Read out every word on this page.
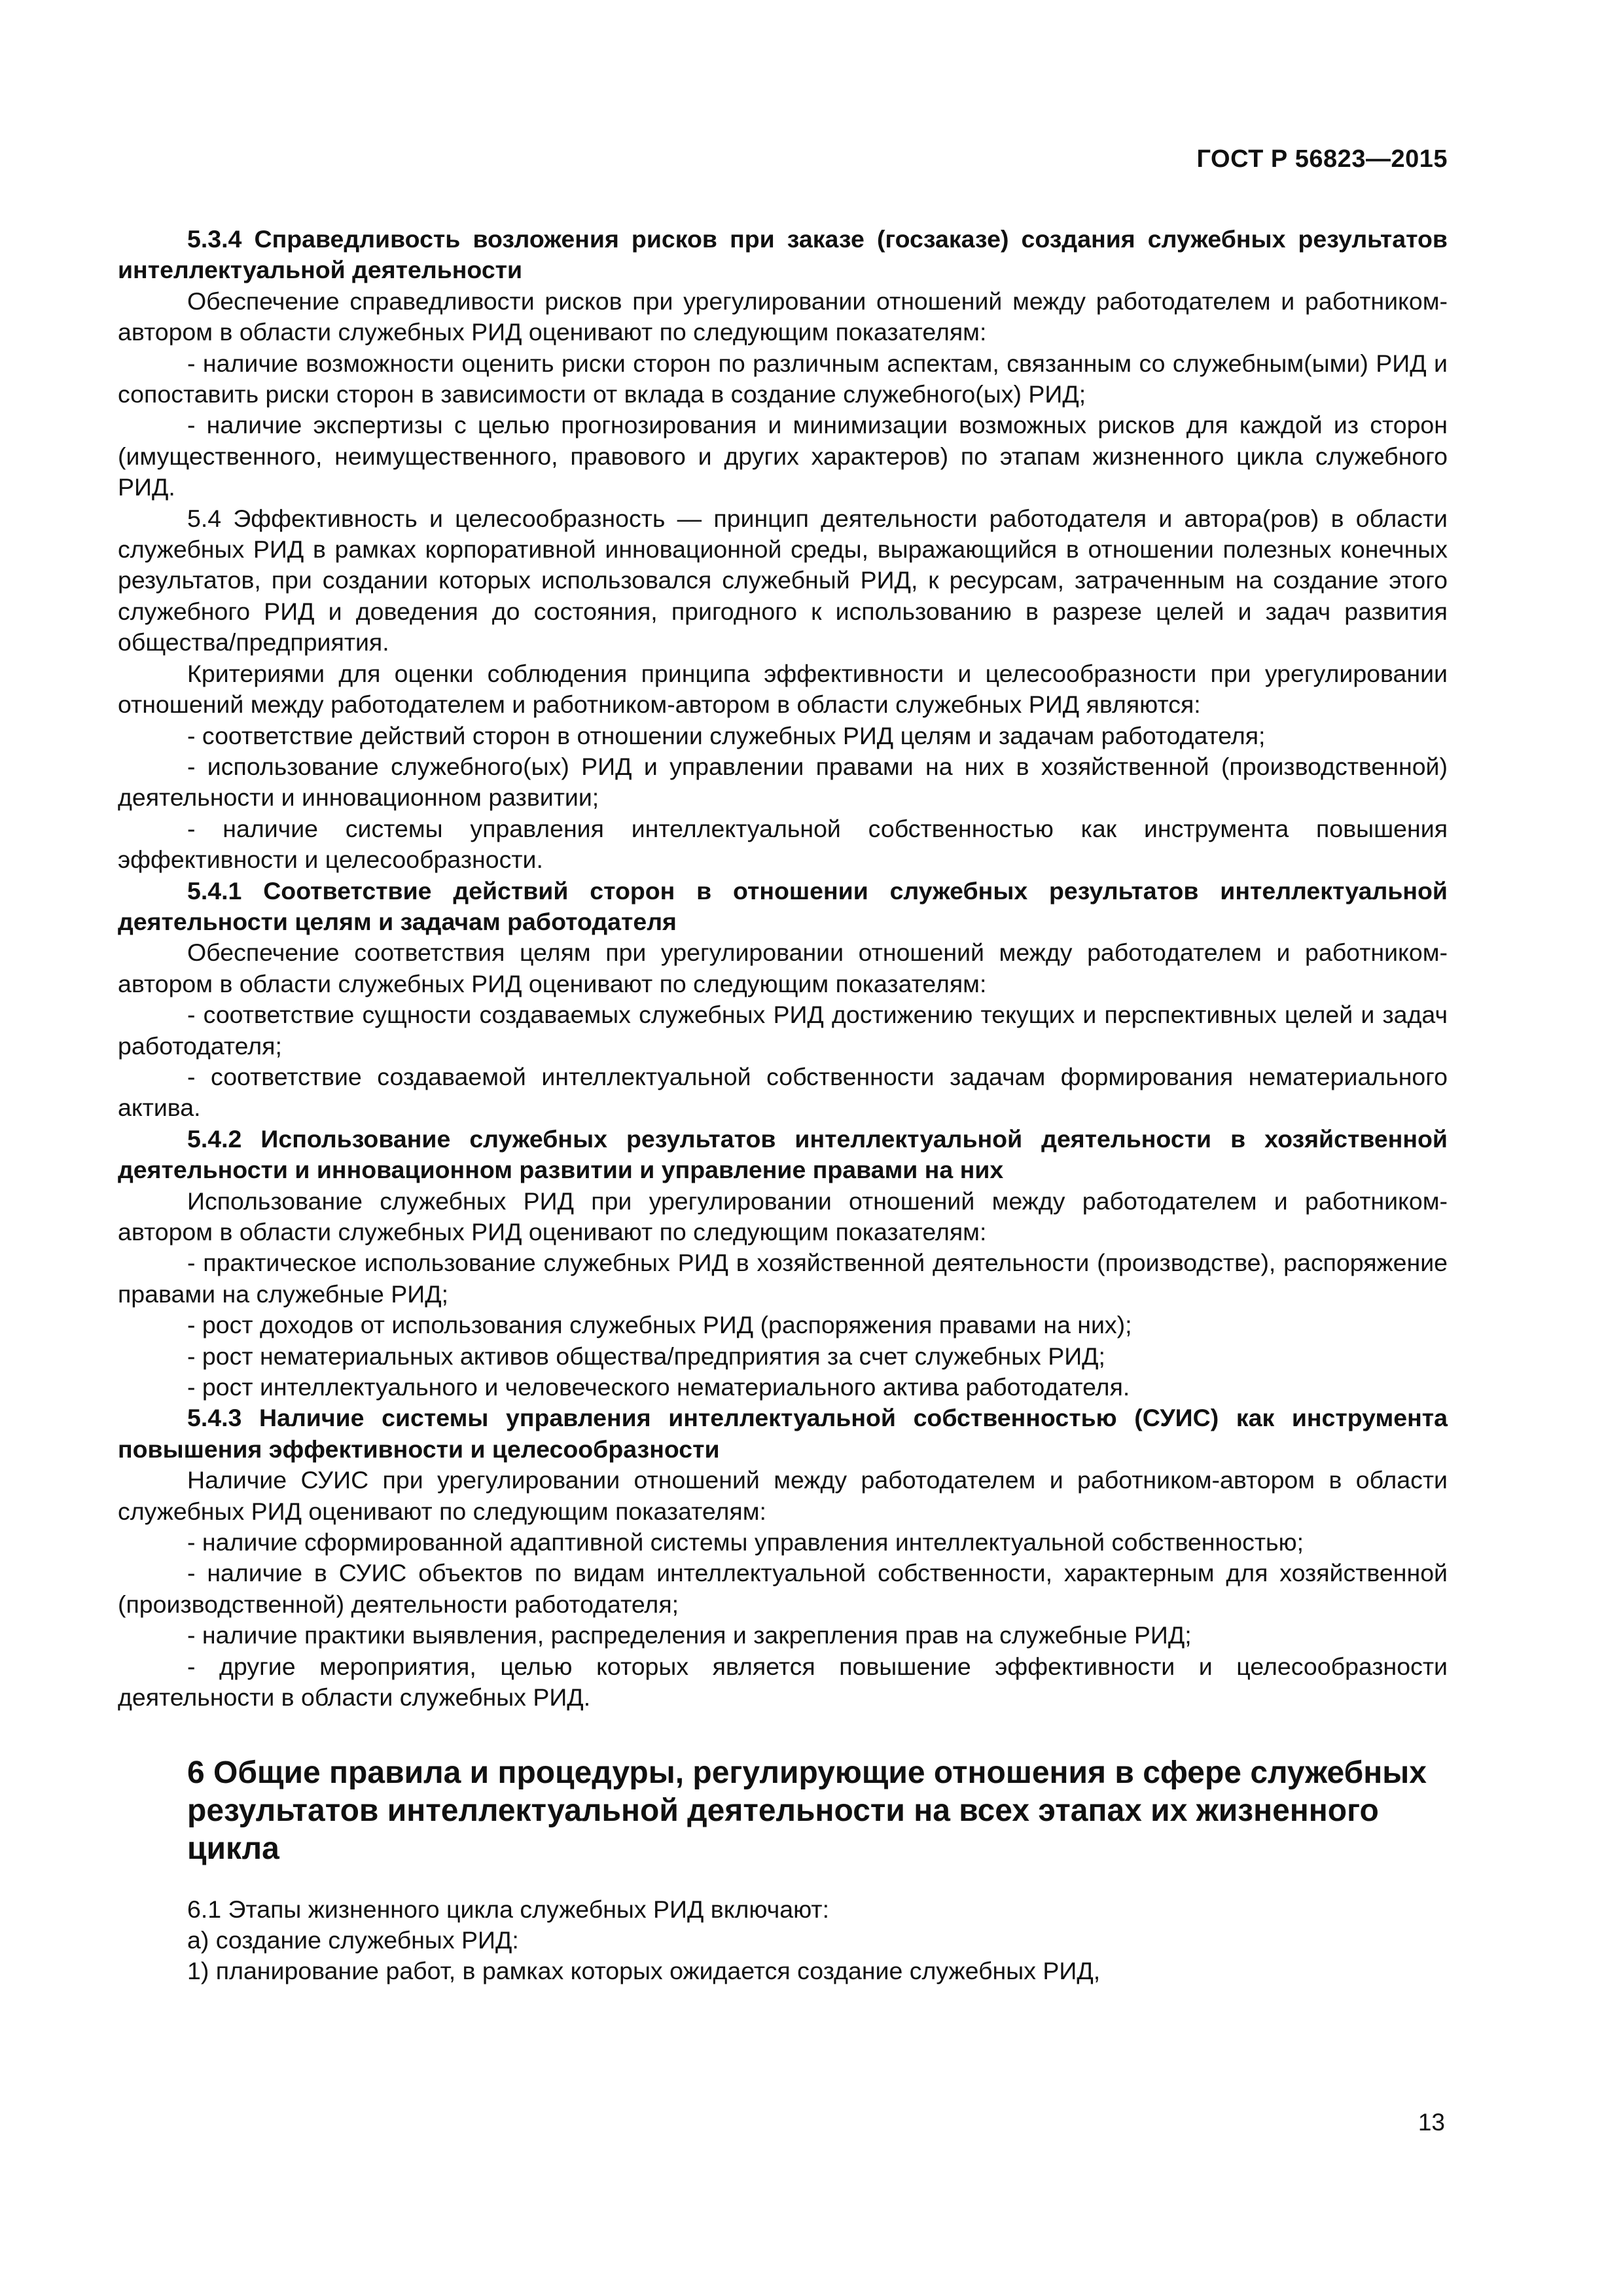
ГОСТ Р 56823—2015

5.3.4 Справедливость возложения рисков при заказе (госзаказе) создания служебных результатов интеллектуальной деятельности

Обеспечение справедливости рисков при урегулировании отношений между работодателем и работником-автором в области служебных РИД оценивают по следующим показателям:

- наличие возможности оценить риски сторон по различным аспектам, связанным со служебным(ыми) РИД и сопоставить риски сторон в зависимости от вклада в создание служебного(ых) РИД;

- наличие экспертизы с целью прогнозирования и минимизации возможных рисков для каждой из сторон (имущественного, неимущественного, правового и других характеров) по этапам жизненного цикла служебного РИД.

5.4 Эффективность и целесообразность — принцип деятельности работодателя и автора(ров) в области служебных РИД в рамках корпоративной инновационной среды, выражающийся в отношении полезных конечных результатов, при создании которых использовался служебный РИД, к ресурсам, затраченным на создание этого служебного РИД и доведения до состояния, пригодного к использованию в разрезе целей и задач развития общества/предприятия.

Критериями для оценки соблюдения принципа эффективности и целесообразности при урегулировании отношений между работодателем и работником-автором в области служебных РИД являются:

- соответствие действий сторон в отношении служебных РИД целям и задачам работодателя;

- использование служебного(ых) РИД и управлении правами на них в хозяйственной (производственной) деятельности и инновационном развитии;

- наличие системы управления интеллектуальной собственностью как инструмента повышения эффективности и целесообразности.

5.4.1 Соответствие действий сторон в отношении служебных результатов интеллектуальной деятельности целям и задачам работодателя

Обеспечение соответствия целям при урегулировании отношений между работодателем и работником-автором в области служебных РИД оценивают по следующим показателям:

- соответствие сущности создаваемых служебных РИД достижению текущих и перспективных целей и задач работодателя;

- соответствие создаваемой интеллектуальной собственности задачам формирования нематериального актива.

5.4.2 Использование служебных результатов интеллектуальной деятельности в хозяйственной деятельности и инновационном развитии и управление правами на них

Использование служебных РИД при урегулировании отношений между работодателем и работником-автором в области служебных РИД оценивают по следующим показателям:

- практическое использование служебных РИД в хозяйственной деятельности (производстве), распоряжение правами на служебные РИД;

- рост доходов от использования служебных РИД (распоряжения правами на них);

- рост нематериальных активов общества/предприятия за счет служебных РИД;

- рост интеллектуального и человеческого нематериального актива работодателя.

5.4.3 Наличие системы управления интеллектуальной собственностью (СУИС) как инструмента повышения эффективности и целесообразности

Наличие СУИС при урегулировании отношений между работодателем и работником-автором в области служебных РИД оценивают по следующим показателям:

- наличие сформированной адаптивной системы управления интеллектуальной собственностью;

- наличие в СУИС объектов по видам интеллектуальной собственности, характерным для хозяйственной (производственной) деятельности работодателя;

- наличие практики выявления, распределения и закрепления прав на служебные РИД;

- другие мероприятия, целью которых является повышение эффективности и целесообразности деятельности в области служебных РИД.

6 Общие правила и процедуры, регулирующие отношения в сфере служебных результатов интеллектуальной деятельности на всех этапах их жизненного цикла

6.1 Этапы жизненного цикла служебных РИД включают:

а) создание служебных РИД:

1) планирование работ, в рамках которых ожидается создание служебных РИД,

13
